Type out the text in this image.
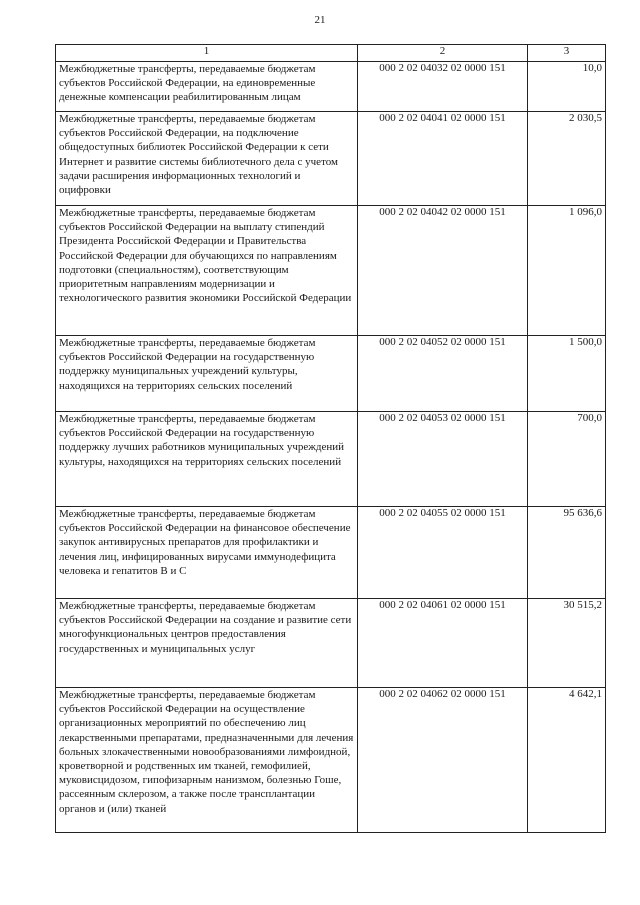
21
1	2	3
Межбюджетные трансферты, передаваемые бюджетам субъектов Российской Федерации, на единовременные денежные компенсации реабилитированным лицам	000 2 02 04032 02 0000 151	10,0
Межбюджетные трансферты, передаваемые бюджетам субъектов Российской Федерации, на подключение общедоступных библиотек Российской Федерации к сети Интернет и развитие системы библиотечного дела с учетом задачи расширения информационных технологий и оцифровки	000 2 02 04041 02 0000 151	2 030,5
Межбюджетные трансферты, передаваемые бюджетам субъектов Российской Федерации на выплату стипендий Президента Российской Федерации и Правительства Российской Федерации для обучающихся по направлениям подготовки (специальностям), соответствующим приоритетным направлениям модернизации и технологического развития экономики Российской Федерации	000 2 02 04042 02 0000 151	1 096,0
Межбюджетные трансферты, передаваемые бюджетам субъектов Российской Федерации на государственную поддержку муниципальных учреждений культуры, находящихся на территориях сельских поселений	000 2 02 04052 02 0000 151	1 500,0
Межбюджетные трансферты, передаваемые бюджетам субъектов Российской Федерации на государственную поддержку лучших работников муниципальных учреждений культуры, находящихся на территориях сельских поселений	000 2 02 04053 02 0000 151	700,0
Межбюджетные трансферты, передаваемые бюджетам субъектов Российской Федерации на финансовое обеспечение закупок антивирусных препаратов для профилактики и лечения лиц, инфицированных вирусами иммунодефицита человека и гепатитов В и С	000 2 02 04055 02 0000 151	95 636,6
Межбюджетные трансферты, передаваемые бюджетам субъектов Российской Федерации на создание и развитие сети многофункциональных центров предоставления государственных и муниципальных услуг	000 2 02 04061 02 0000 151	30 515,2
Межбюджетные трансферты, передаваемые бюджетам субъектов Российской Федерации на осуществление организационных мероприятий по обеспечению лиц лекарственными препаратами, предназначенными для лечения больных злокачественными новообразованиями лимфоидной, кроветворной и родственных им тканей, гемофилией, муковисцидозом, гипофизарным нанизмом, болезнью Гоше, рассеянным склерозом, а также после трансплантации органов и (или) тканей	000 2 02 04062 02 0000 151	4 642,1
